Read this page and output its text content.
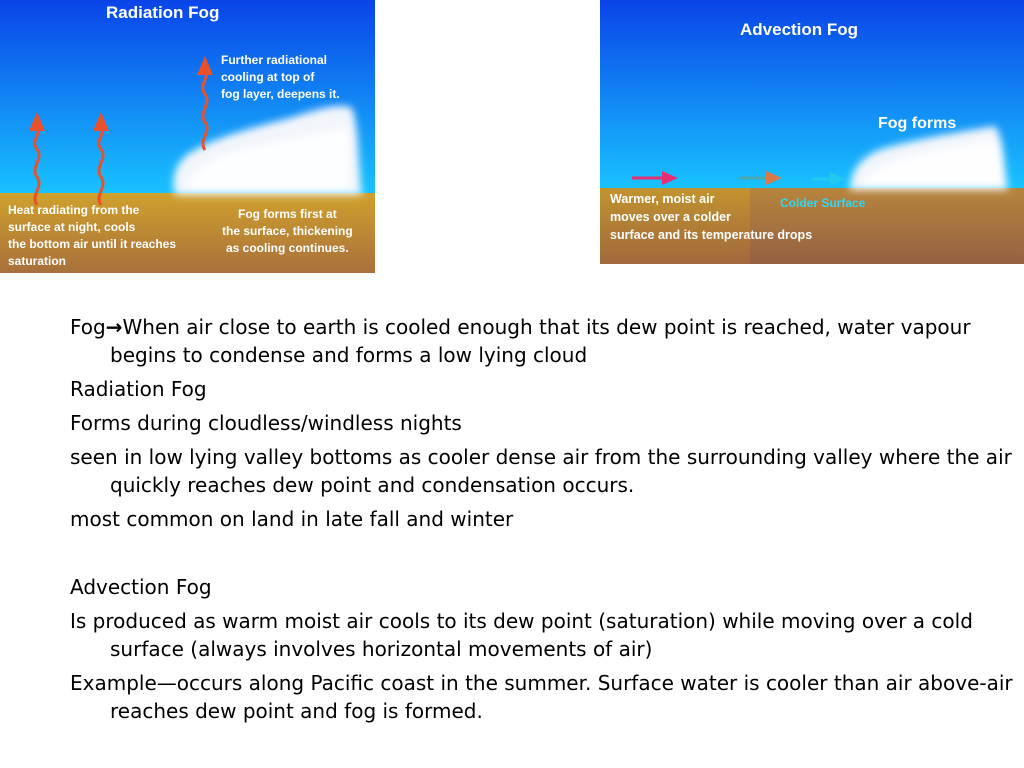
Radiation Fog
Further radiational
cooling at top of
fog layer, deepens it.
Heat radiating from the
surface at night, cools
the bottom air until it reaches
saturation
Fog forms first at
the surface, thickening
as cooling continues.
Advection Fog
Fog forms
Warmer, moist air
moves over a colder
surface and its temperature drops
Colder Surface

Fog→When air close to earth is cooled enough that its dew point is reached, water vapour begins to condense and forms a low lying cloud

Radiation Fog

Forms during cloudless/windless nights

seen in low lying valley bottoms as cooler dense air from the surrounding valley where the air quickly reaches dew point and condensation occurs.

most common on land in late fall and winter

Advection Fog

Is produced as warm moist air cools to its dew point (saturation) while moving over a cold surface (always involves horizontal movements of air)

Example—occurs along Pacific coast in the summer. Surface water is cooler than air above-air reaches dew point and fog is formed.
